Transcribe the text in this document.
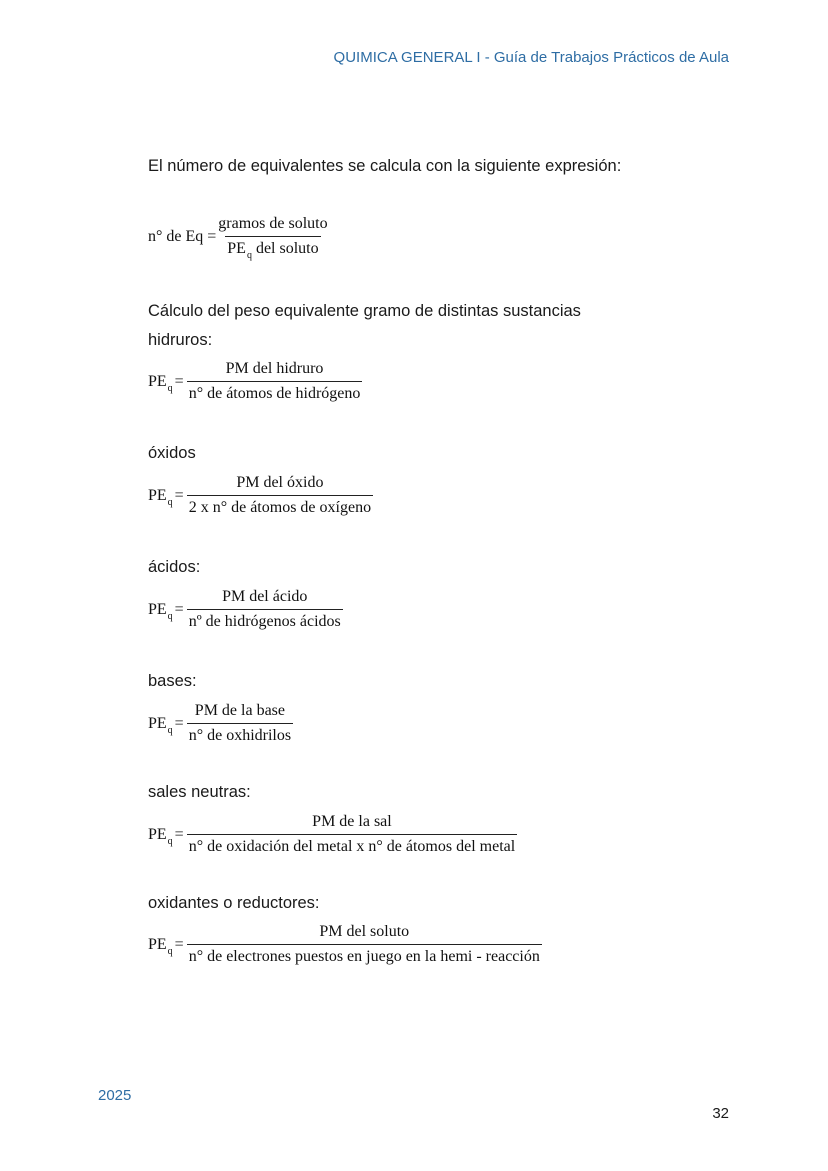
QUIMICA GENERAL I - Guía de Trabajos Prácticos de Aula
El número de equivalentes se calcula con la siguiente expresión:
n° de $Eq = \frac{\text{gramos de soluto}}{PE_q del soluto}$
Cálculo del peso equivalente gramo de distintas sustancias
hidruros:
PE $q = \frac{\text{PM del hidruro}}{\text{n° de átomos de hidrógeno}}$
óxidos
PE $q = \frac{\text{PM del óxido}}{\text{2 x n° de átomos de oxígeno}}$
ácidos:
PE $q = \frac{\text{PM del ácido}}{\text{nº de hidrógenos ácidos}}$
bases:
PE $q = \frac{\text{PM de la base}}{\text{n° de oxhidrilos}}$
sales neutras:
PE $q = \frac{\text{PM de la sal}}{\text{n° de oxidación del metal x n° de átomos del metal}}$
oxidantes o reductores:
PE $q = \frac{\text{PM del soluto}}{\text{n° de electrones puestos en juego en la hemi - reacción}}$
2025
32
